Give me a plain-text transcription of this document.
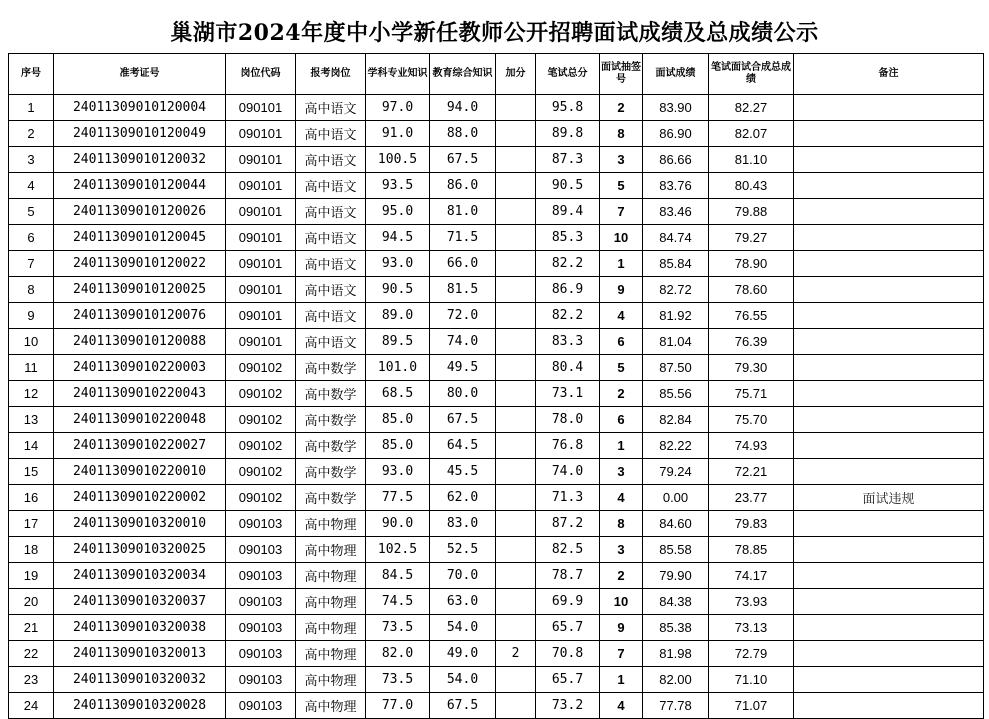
巢湖市2024年度中小学新任教师公开招聘面试成绩及总成绩公示
序号	准考证号	岗位代码	报考岗位	学科专业知识	教育综合知识	加分	笔试总分	面试抽签号	面试成绩	笔试面试合成总成绩	备注
1	24011309010120004	090101	高中语文	97.0	94.0		95.8	2	83.90	82.27	
2	24011309010120049	090101	高中语文	91.0	88.0		89.8	8	86.90	82.07	
3	24011309010120032	090101	高中语文	100.5	67.5		87.3	3	86.66	81.10	
4	24011309010120044	090101	高中语文	93.5	86.0		90.5	5	83.76	80.43	
5	24011309010120026	090101	高中语文	95.0	81.0		89.4	7	83.46	79.88	
6	24011309010120045	090101	高中语文	94.5	71.5		85.3	10	84.74	79.27	
7	24011309010120022	090101	高中语文	93.0	66.0		82.2	1	85.84	78.90	
8	24011309010120025	090101	高中语文	90.5	81.5		86.9	9	82.72	78.60	
9	24011309010120076	090101	高中语文	89.0	72.0		82.2	4	81.92	76.55	
10	24011309010120088	090101	高中语文	89.5	74.0		83.3	6	81.04	76.39	
11	24011309010220003	090102	高中数学	101.0	49.5		80.4	5	87.50	79.30	
12	24011309010220043	090102	高中数学	68.5	80.0		73.1	2	85.56	75.71	
13	24011309010220048	090102	高中数学	85.0	67.5		78.0	6	82.84	75.70	
14	24011309010220027	090102	高中数学	85.0	64.5		76.8	1	82.22	74.93	
15	24011309010220010	090102	高中数学	93.0	45.5		74.0	3	79.24	72.21	
16	24011309010220002	090102	高中数学	77.5	62.0		71.3	4	0.00	23.77	面试违规
17	24011309010320010	090103	高中物理	90.0	83.0		87.2	8	84.60	79.83	
18	24011309010320025	090103	高中物理	102.5	52.5		82.5	3	85.58	78.85	
19	24011309010320034	090103	高中物理	84.5	70.0		78.7	2	79.90	74.17	
20	24011309010320037	090103	高中物理	74.5	63.0		69.9	10	84.38	73.93	
21	24011309010320038	090103	高中物理	73.5	54.0		65.7	9	85.38	73.13	
22	24011309010320013	090103	高中物理	82.0	49.0	2	70.8	7	81.98	72.79	
23	24011309010320032	090103	高中物理	73.5	54.0		65.7	1	82.00	71.10	
24	24011309010320028	090103	高中物理	77.0	67.5		73.2	4	77.78	71.07	
